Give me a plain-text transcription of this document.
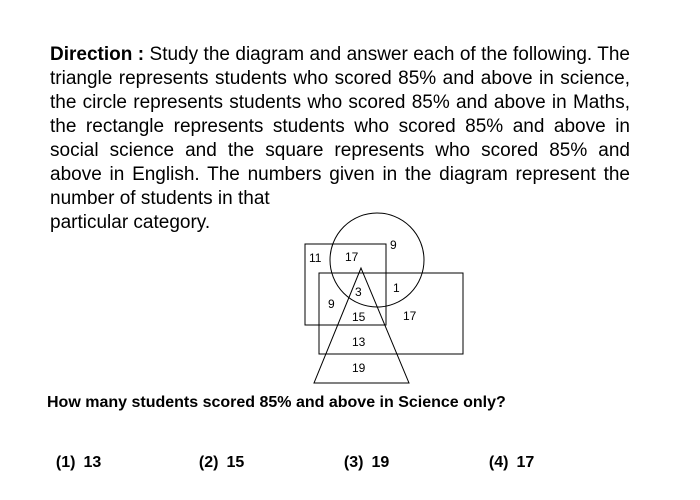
Direction : Study the diagram and answer each of the following. The triangle represents students who scored 85% and above in science, the circle represents students who scored 85% and above in Maths, the rectangle represents students who scored 85% and above in social science and the square represents who scored 85% and above in English. The numbers given in the diagram represent the number of students in that
particular category.

11 17
9
3	1
9
15	17
13
19

How many students scored 85% and above in Science only?

(1) 13	(2) 15	(3) 19	(4) 17
